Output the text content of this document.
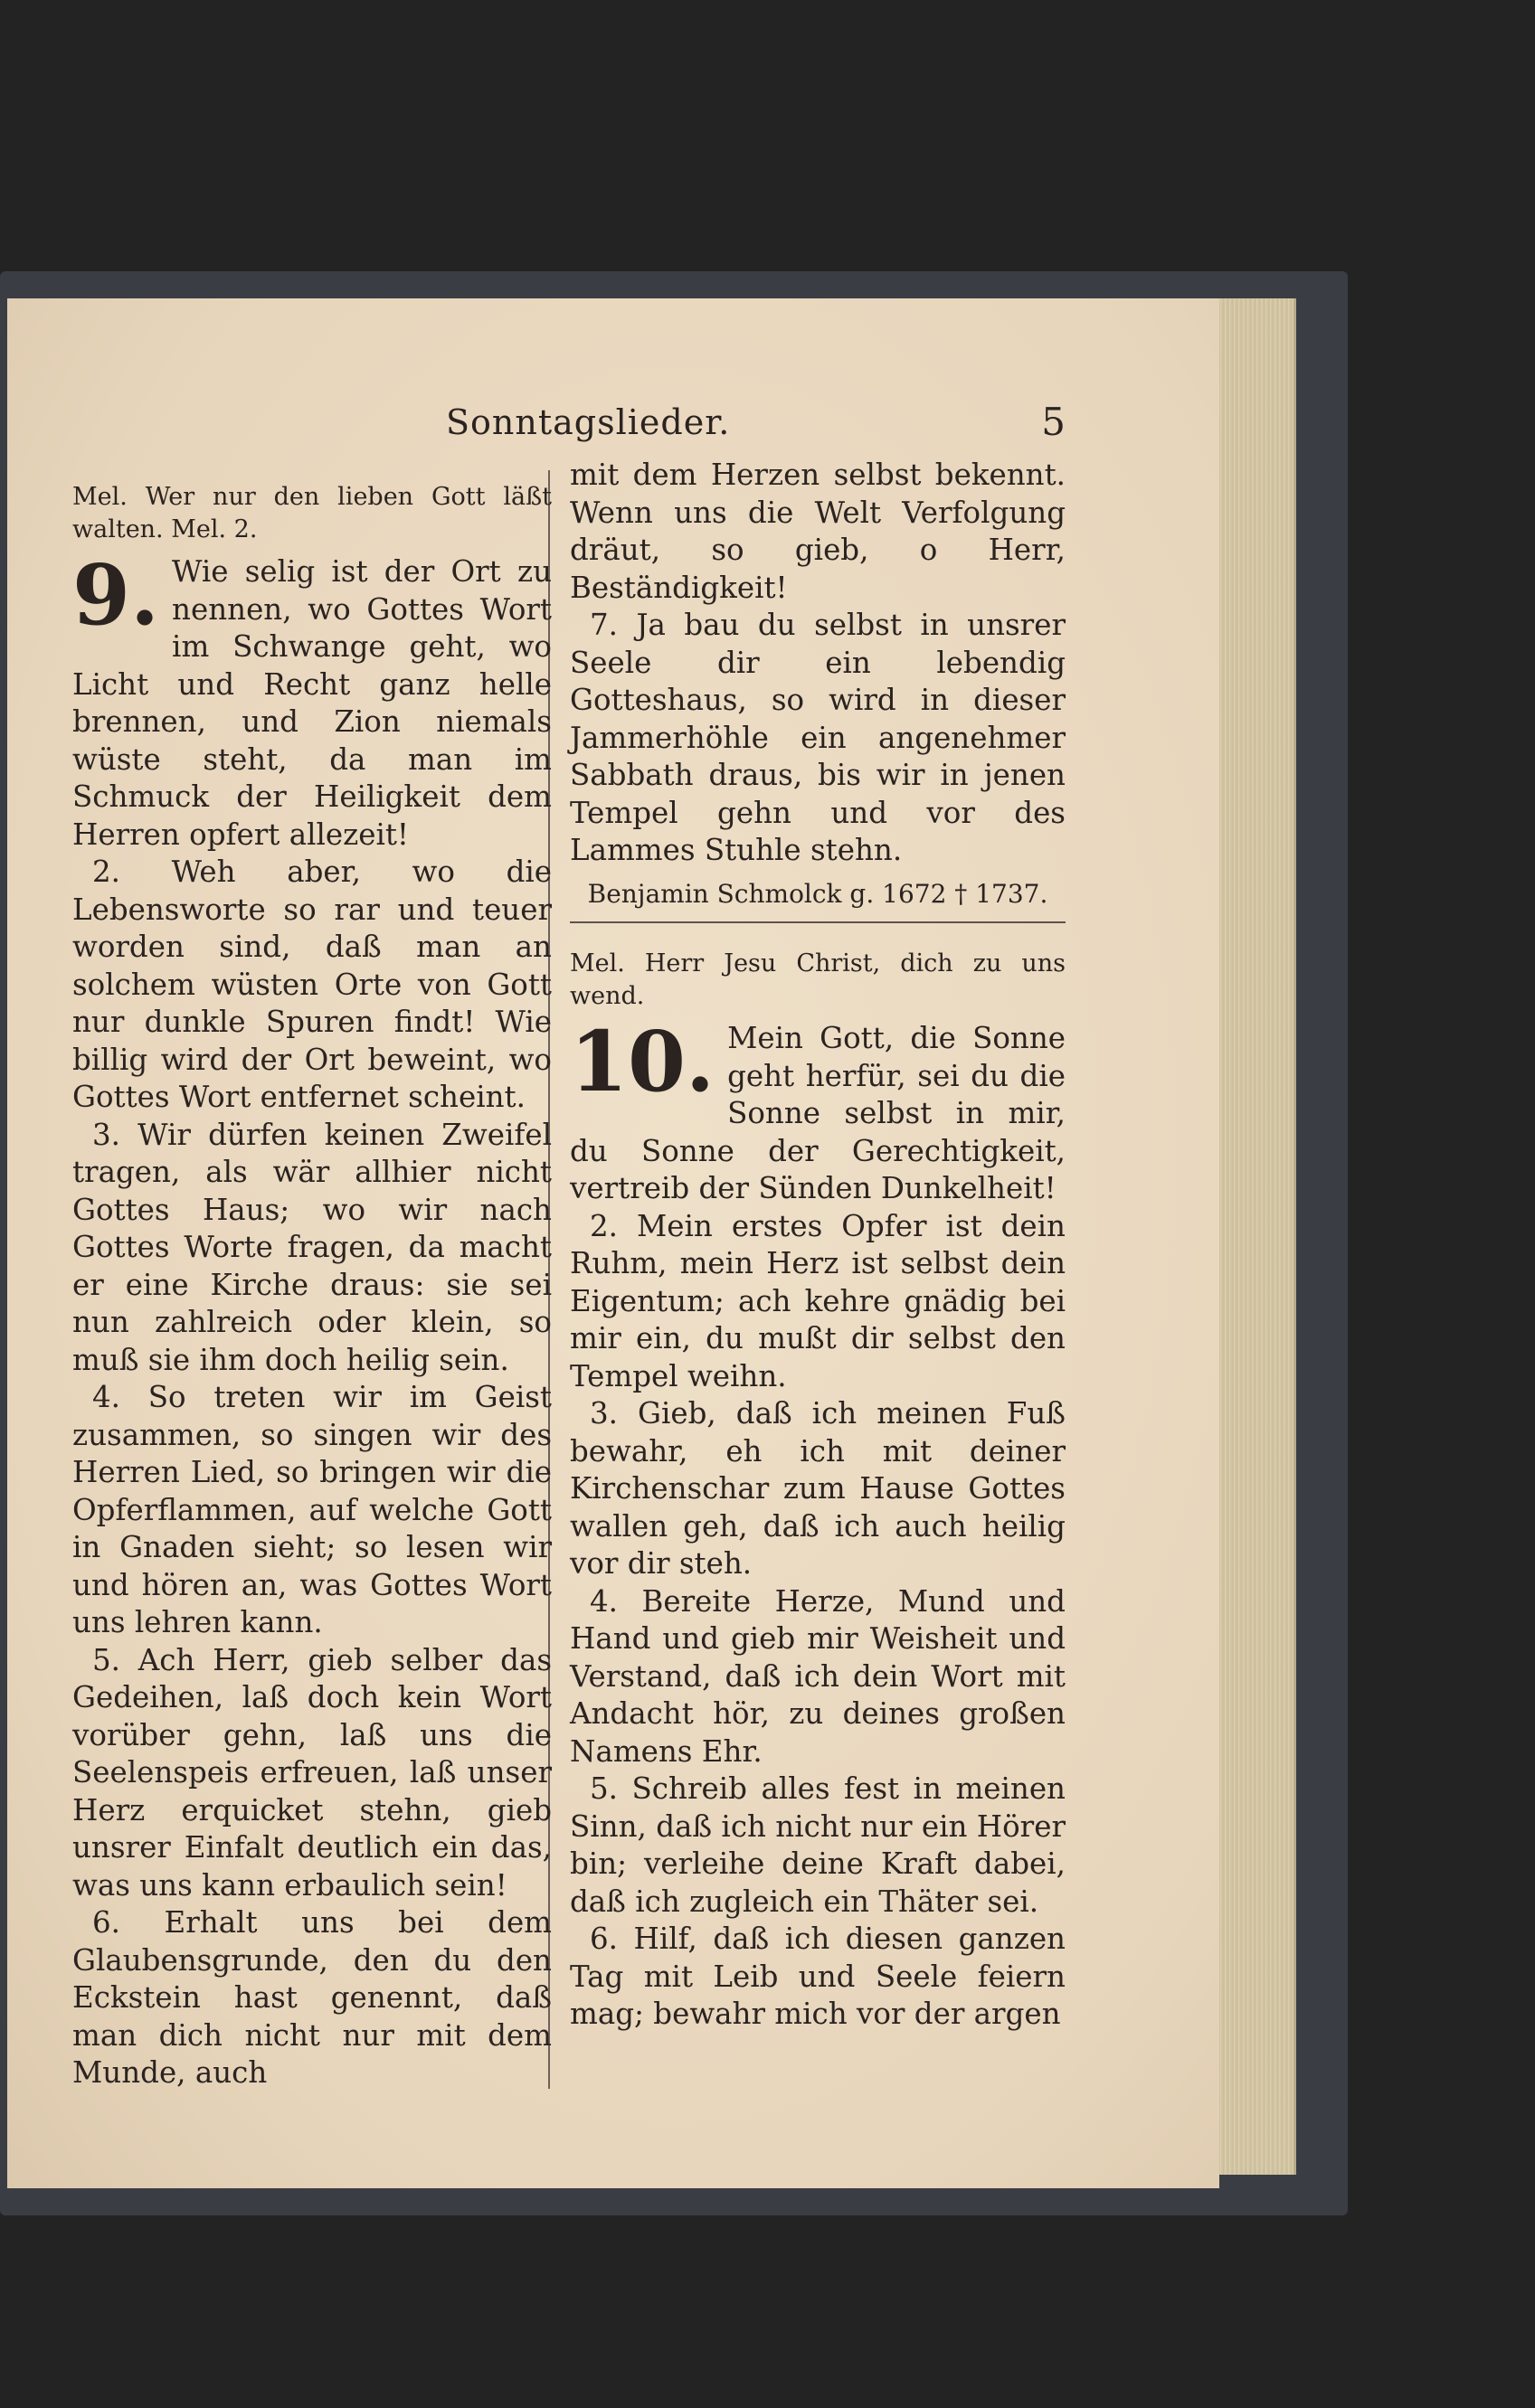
Sonntagslieder.	5

Mel. Wer nur den lieben Gott läßt walten. Mel. 2.

9. Wie selig ist der Ort zu nennen, wo Gottes Wort im Schwange geht, wo Licht und Recht ganz helle brennen, und Zion niemals wüste steht, da man im Schmuck der Heiligkeit dem Herren opfert allezeit!

2. Weh aber, wo die Lebensworte so rar und teuer worden sind, daß man an solchem wüsten Orte von Gott nur dunkle Spuren findt! Wie billig wird der Ort beweint, wo Gottes Wort entfernet scheint.

3. Wir dürfen keinen Zweifel tragen, als wär allhier nicht Gottes Haus; wo wir nach Gottes Worte fragen, da macht er eine Kirche draus: sie sei nun zahlreich oder klein, so muß sie ihm doch heilig sein.

4. So treten wir im Geist zusammen, so singen wir des Herren Lied, so bringen wir die Opferflammen, auf welche Gott in Gnaden sieht; so lesen wir und hören an, was Gottes Wort uns lehren kann.

5. Ach Herr, gieb selber das Gedeihen, laß doch kein Wort vorüber gehn, laß uns die Seelenspeis erfreuen, laß unser Herz erquicket stehn, gieb unsrer Einfalt deutlich ein das, was uns kann erbaulich sein!

6. Erhalt uns bei dem Glaubensgrunde, den du den Eckstein hast genennt, daß man dich nicht nur mit dem Munde, auch

mit dem Herzen selbst bekennt. Wenn uns die Welt Verfolgung dräut, so gieb, o Herr, Beständigkeit!

7. Ja bau du selbst in unsrer Seele dir ein lebendig Gotteshaus, so wird in dieser Jammerhöhle ein angenehmer Sabbath draus, bis wir in jenen Tempel gehn und vor des Lammes Stuhle stehn.

Benjamin Schmolck g. 1672 † 1737.

Mel. Herr Jesu Christ, dich zu uns wend.

10. Mein Gott, die Sonne geht herfür, sei du die Sonne selbst in mir, du Sonne der Gerechtigkeit, vertreib der Sünden Dunkelheit!

2. Mein erstes Opfer ist dein Ruhm, mein Herz ist selbst dein Eigentum; ach kehre gnädig bei mir ein, du mußt dir selbst den Tempel weihn.

3. Gieb, daß ich meinen Fuß bewahr, eh ich mit deiner Kirchenschar zum Hause Gottes wallen geh, daß ich auch heilig vor dir steh.

4. Bereite Herze, Mund und Hand und gieb mir Weisheit und Verstand, daß ich dein Wort mit Andacht hör, zu deines großen Namens Ehr.

5. Schreib alles fest in meinen Sinn, daß ich nicht nur ein Hörer bin; verleihe deine Kraft dabei, daß ich zugleich ein Thäter sei.

6. Hilf, daß ich diesen ganzen Tag mit Leib und Seele feiern mag; bewahr mich vor der argen
